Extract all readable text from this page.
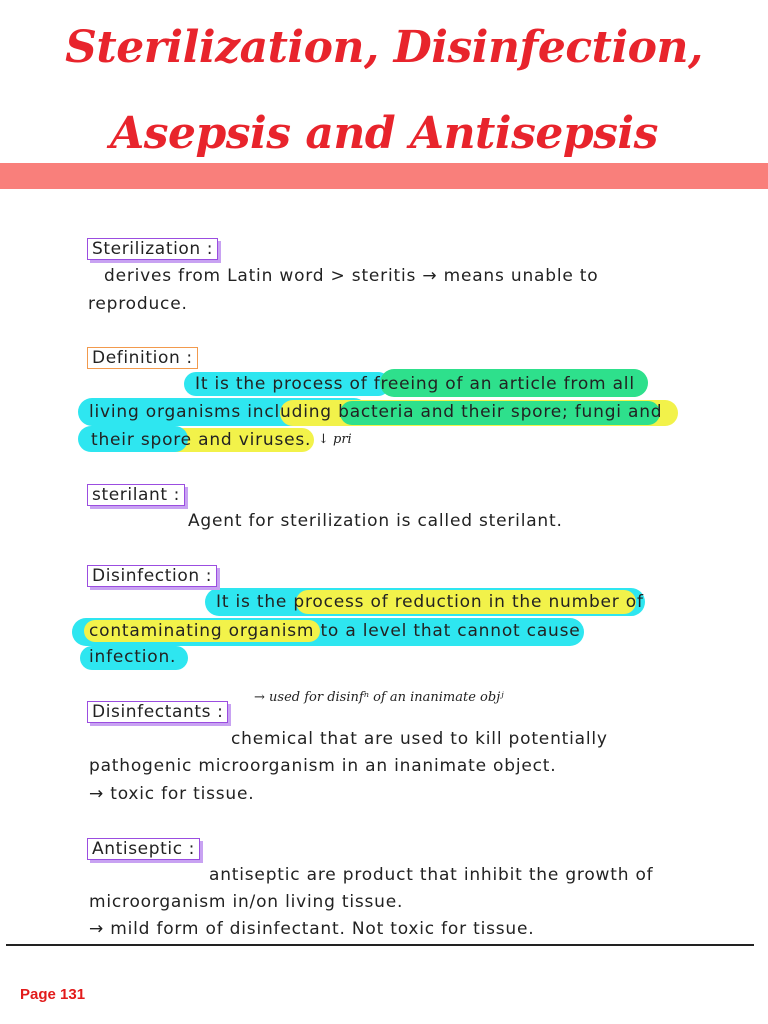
Sterilization, Disinfection,
Asepsis and Antisepsis
Sterilization :
derives from Latin word > steritis → means unable to
reproduce.
Definition :
It is the process of freeing of an article from all
living organisms including bacteria and their spore; fungi and
their spore and viruses. ↓ pri
sterilant :
Agent for sterilization is called sterilant.
Disinfection :
It is the process of reduction in the number of
contaminating organism to a level that cannot cause
infection.
Disinfectants :
→ used for disinfⁿ of an inanimate objʲ
chemical that are used to kill potentially
pathogenic microorganism in an inanimate object.
→ toxic for tissue.
Antiseptic :
antiseptic are product that inhibit the growth of
microorganism in/on living tissue.
→ mild form of disinfectant. Not toxic for tissue.
Page 131
